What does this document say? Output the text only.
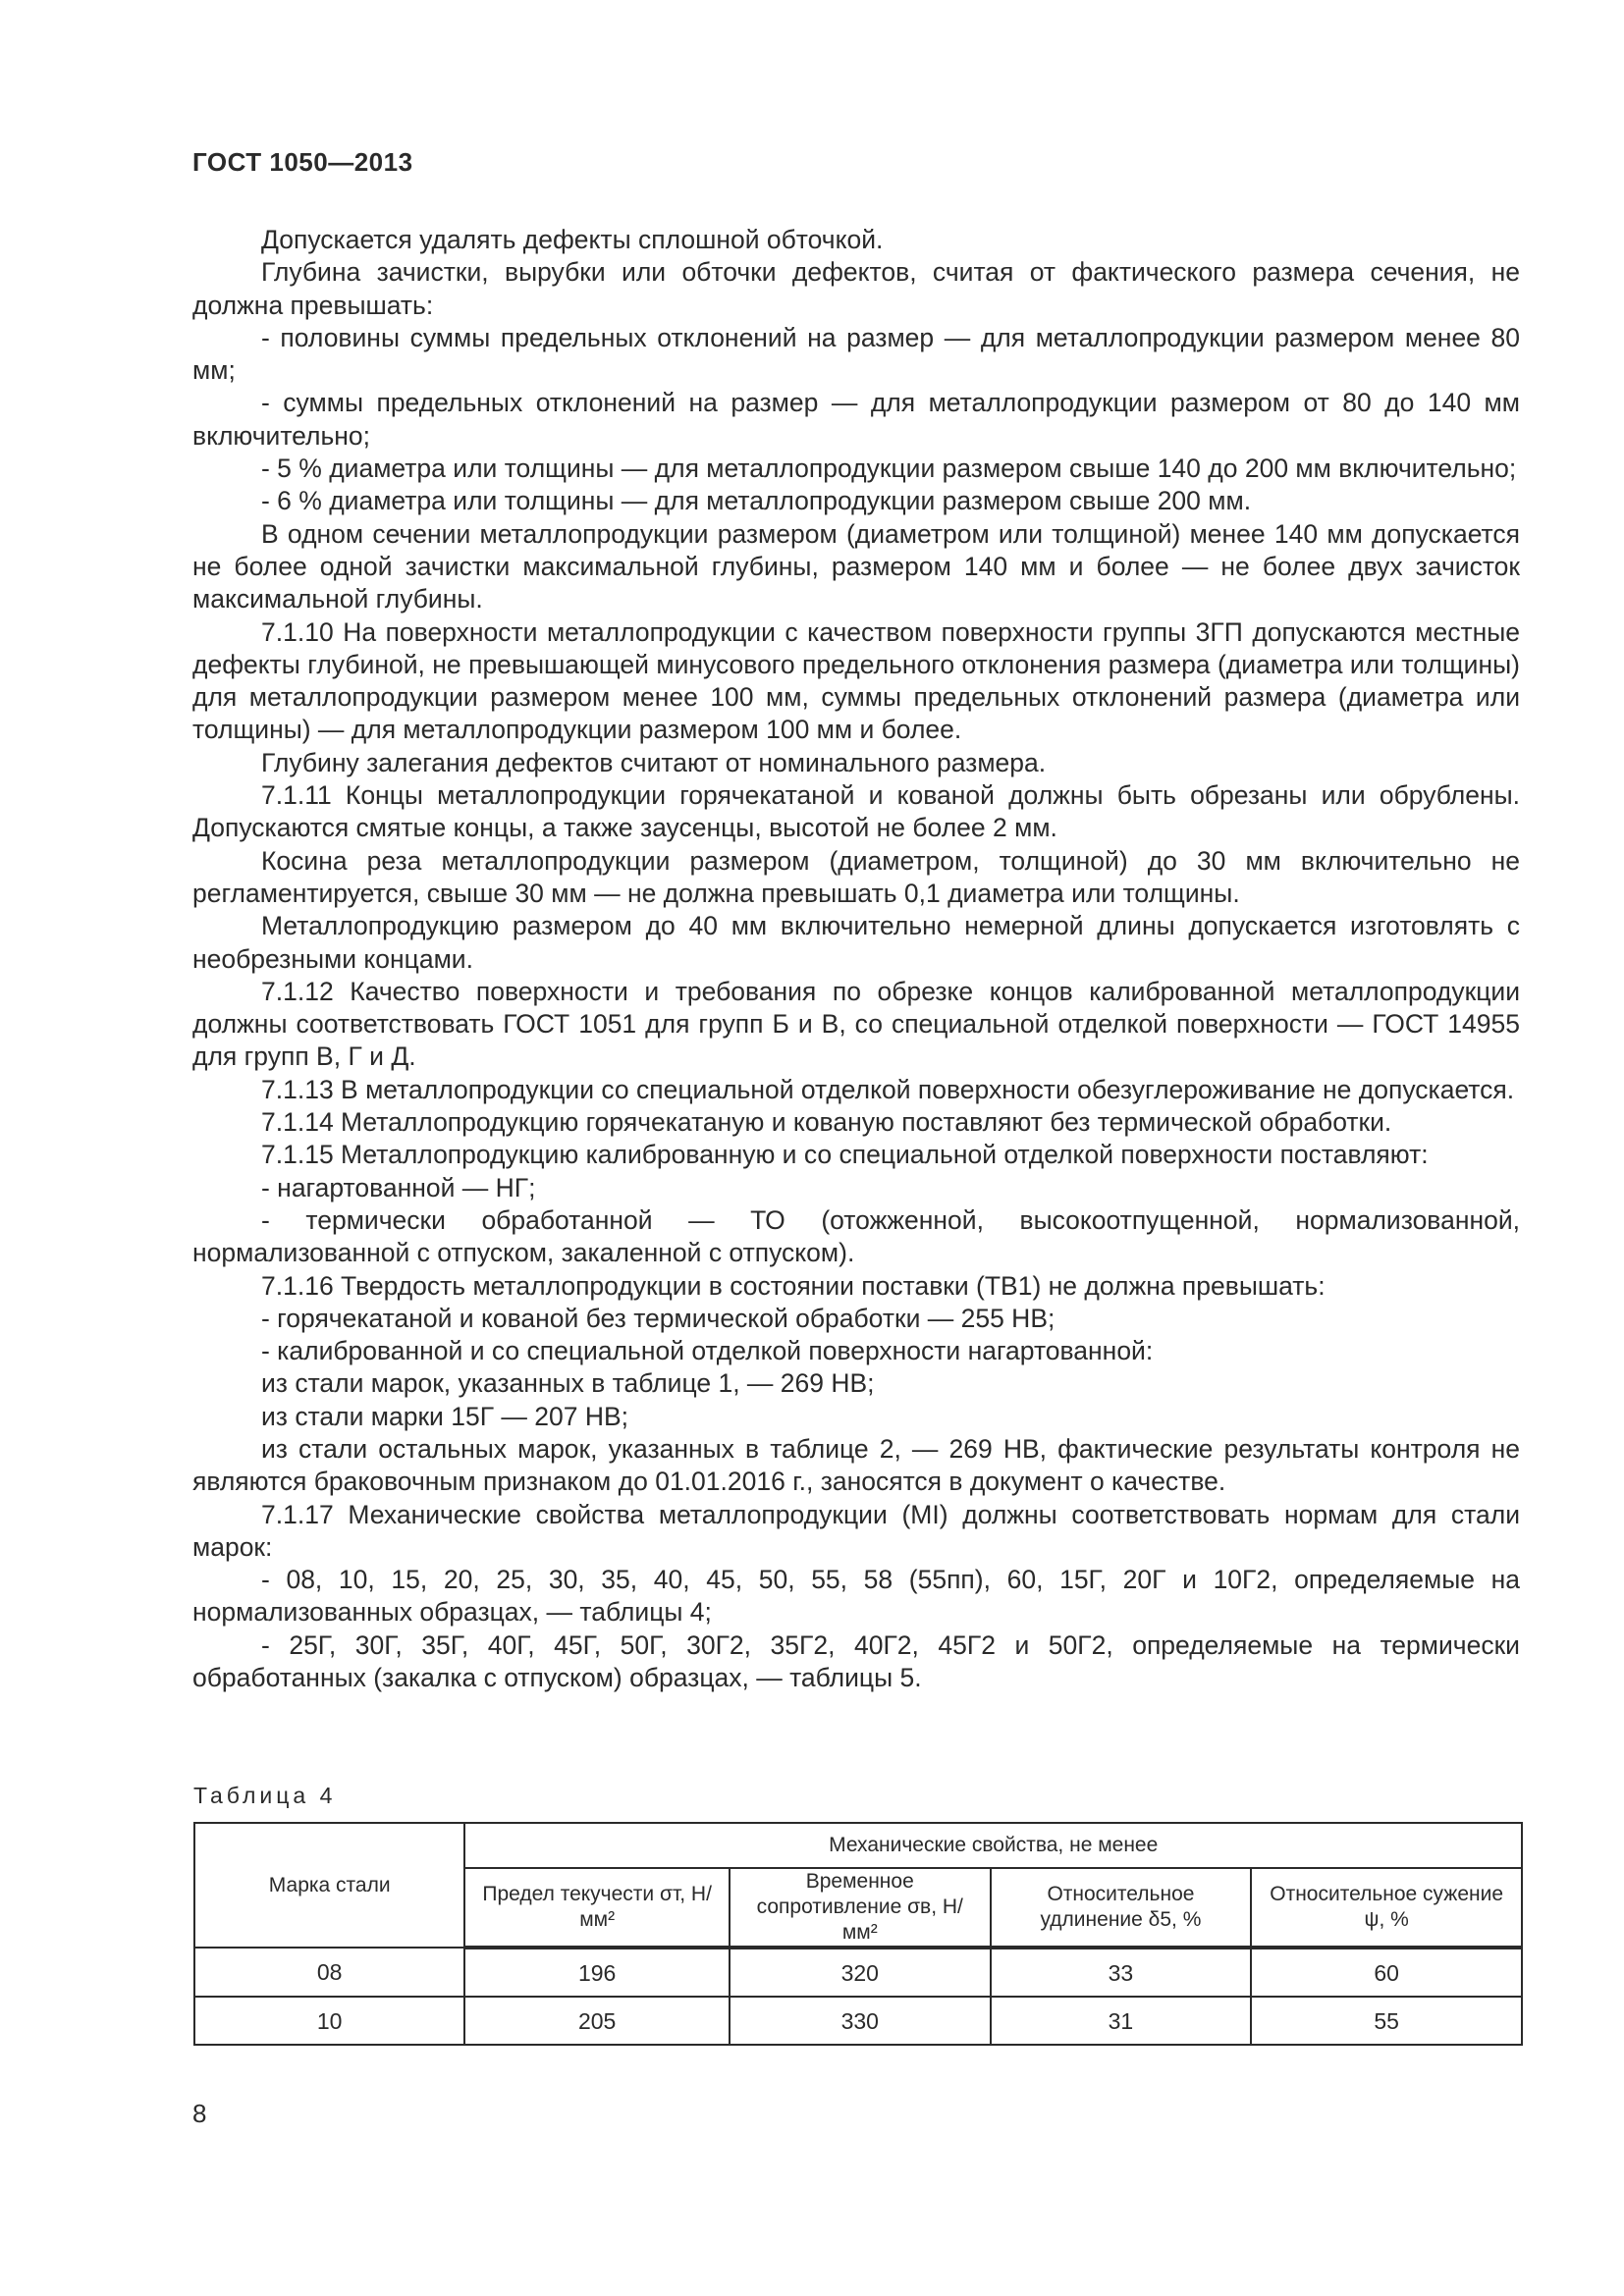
ГОСТ 1050—2013

Допускается удалять дефекты сплошной обточкой.

Глубина зачистки, вырубки или обточки дефектов, считая от фактического размера сечения, не должна превышать:

- половины суммы предельных отклонений на размер — для металлопродукции размером менее 80 мм;

- суммы предельных отклонений на размер — для металлопродукции размером от 80 до 140 мм включительно;

- 5 % диаметра или толщины — для металлопродукции размером свыше 140 до 200 мм включительно;

- 6 % диаметра или толщины — для металлопродукции размером свыше 200 мм.

В одном сечении металлопродукции размером (диаметром или толщиной) менее 140 мм допускается не более одной зачистки максимальной глубины, размером 140 мм и более — не более двух зачисток максимальной глубины.

7.1.10 На поверхности металлопродукции с качеством поверхности группы 3ГП допускаются местные дефекты глубиной, не превышающей минусового предельного отклонения размера (диаметра или толщины) для металлопродукции размером менее 100 мм, суммы предельных отклонений размера (диаметра или толщины) — для металлопродукции размером 100 мм и более.

Глубину залегания дефектов считают от номинального размера.

7.1.11 Концы металлопродукции горячекатаной и кованой должны быть обрезаны или обрублены. Допускаются смятые концы, а также заусенцы, высотой не более 2 мм.

Косина реза металлопродукции размером (диаметром, толщиной) до 30 мм включительно не регламентируется, свыше 30 мм — не должна превышать 0,1 диаметра или толщины.

Металлопродукцию размером до 40 мм включительно немерной длины допускается изготовлять с необрезными концами.

7.1.12 Качество поверхности и требования по обрезке концов калиброванной металлопродукции должны соответствовать ГОСТ 1051 для групп Б и В, со специальной отделкой поверхности — ГОСТ 14955 для групп В, Г и Д.

7.1.13 В металлопродукции со специальной отделкой поверхности обезуглероживание не допускается.

7.1.14 Металлопродукцию горячекатаную и кованую поставляют без термической обработки.

7.1.15 Металлопродукцию калиброванную и со специальной отделкой поверхности поставляют:

- нагартованной — НГ;

- термически обработанной — ТО (отожженной, высокоотпущенной, нормализованной, нормализованной с отпуском, закаленной с отпуском).

7.1.16 Твердость металлопродукции в состоянии поставки (ТВ1) не должна превышать:

- горячекатаной и кованой без термической обработки — 255 НВ;

- калиброванной и со специальной отделкой поверхности нагартованной:

из стали марок, указанных в таблице 1, — 269 НВ;

из стали марки 15Г — 207 НВ;

из стали остальных марок, указанных в таблице 2, — 269 НВ, фактические результаты контроля не являются браковочным признаком до 01.01.2016 г., заносятся в документ о качестве.

7.1.17 Механические свойства металлопродукции (МІ) должны соответствовать нормам для стали марок:

- 08, 10, 15, 20, 25, 30, 35, 40, 45, 50, 55, 58 (55пп), 60, 15Г, 20Г и 10Г2, определяемые на нормализованных образцах, — таблицы 4;

- 25Г, 30Г, 35Г, 40Г, 45Г, 50Г, 30Г2, 35Г2, 40Г2, 45Г2 и 50Г2, определяемые на термически обработанных (закалка с отпуском) образцах, — таблицы 5.

Таблица 4
Марка стали	Механические свойства, не менее			
	Предел текучести σт, Н/мм²	Временное сопротивление σв, Н/мм²	Относительное удлинение δ5, %	Относительное сужение ψ, %
08	196	320	33	60
10	205	330	31	55
8
